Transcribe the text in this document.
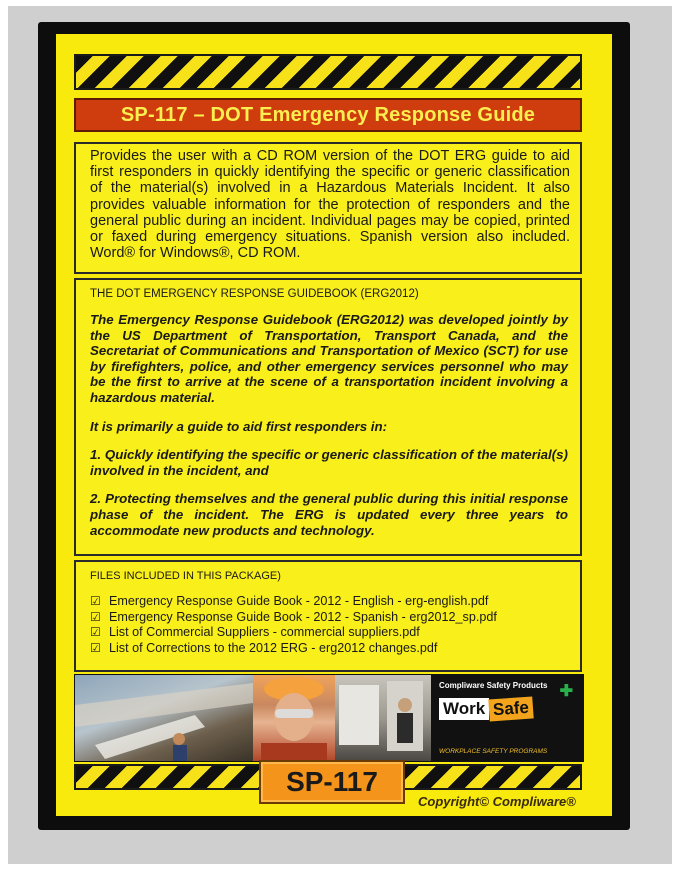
SP-117 – DOT Emergency Response Guide
Provides the user with a CD ROM version of the DOT ERG guide to aid first responders in quickly identifying the specific or generic classification of the material(s) involved in a Hazardous Materials Incident. It also provides valuable information for the protection of responders and the general public during an incident. Individual pages may be copied, printed or faxed during emergency situations. Spanish version also included. Word® for Windows®, CD ROM.
THE DOT EMERGENCY RESPONSE GUIDEBOOK (ERG2012)

The Emergency Response Guidebook (ERG2012) was developed jointly by the US Department of Transportation, Transport Canada, and the Secretariat of Communications and Transportation of Mexico (SCT) for use by firefighters, police, and other emergency services personnel who may be the first to arrive at the scene of a transportation incident involving a hazardous material.

It is primarily a guide to aid first responders in:

1. Quickly identifying the specific or generic classification of the material(s) involved in the incident, and

2. Protecting themselves and the general public during this initial response phase of the incident. The ERG is updated every three years to accommodate new products and technology.

FILES INCLUDED IN THIS PACKAGE)
☑ Emergency Response Guide Book - 2012 - English - erg-english.pdf
☑ Emergency Response Guide Book - 2012 - Spanish - erg2012_sp.pdf
☑ List of Commercial Suppliers - commercial suppliers.pdf
☑ List of Corrections to the 2012 ERG - erg2012 changes.pdf
Compliware Safety Products ✚
Work Safe
WORKPLACE SAFETY PROGRAMS
SP-117
Copyright© Compliware®
